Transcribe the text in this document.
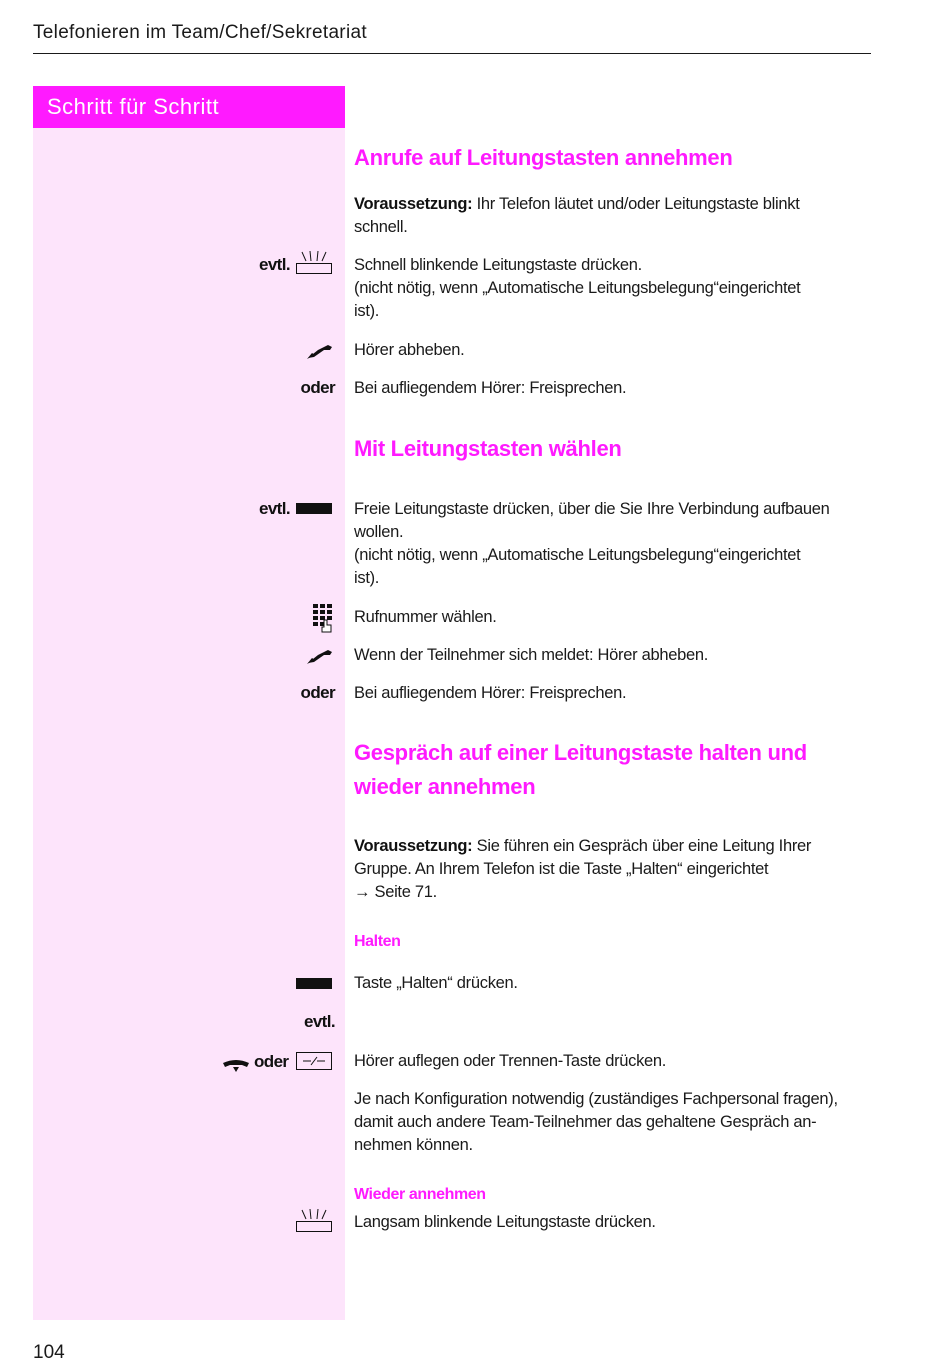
Telefonieren im Team/Chef/Sekretariat
Schritt für Schritt
Anrufe auf Leitungstasten annehmen
Voraussetzung: Ihr Telefon läutet und/oder Leitungstaste blinkt
schnell.
evtl.	Schnell blinkende Leitungstaste drücken.
(nicht nötig, wenn „Automatische Leitungsbelegung“eingerichtet
ist).
Hörer abheben.
oder Bei aufliegendem Hörer: Freisprechen.
Mit Leitungstasten wählen
evtl.	Freie Leitungstaste drücken, über die Sie Ihre Verbindung aufbauen
wollen.
(nicht nötig, wenn „Automatische Leitungsbelegung“eingerichtet
ist).
Rufnummer wählen.
Wenn der Teilnehmer sich meldet: Hörer abheben.
oder Bei aufliegendem Hörer: Freisprechen.
Gespräch auf einer Leitungstaste halten und
wieder annehmen
Voraussetzung: Sie führen ein Gespräch über eine Leitung Ihrer
Gruppe. An Ihrem Telefon ist die Taste „Halten“ eingerichtet
→ Seite 71.
Halten
Taste „Halten“ drücken.
evtl.
oder	Hörer auflegen oder Trennen-Taste drücken.
Je nach Konfiguration notwendig (zuständiges Fachpersonal fragen),
damit auch andere Team-Teilnehmer das gehaltene Gespräch an-
nehmen können.
Wieder annehmen
Langsam blinkende Leitungstaste drücken.
104
